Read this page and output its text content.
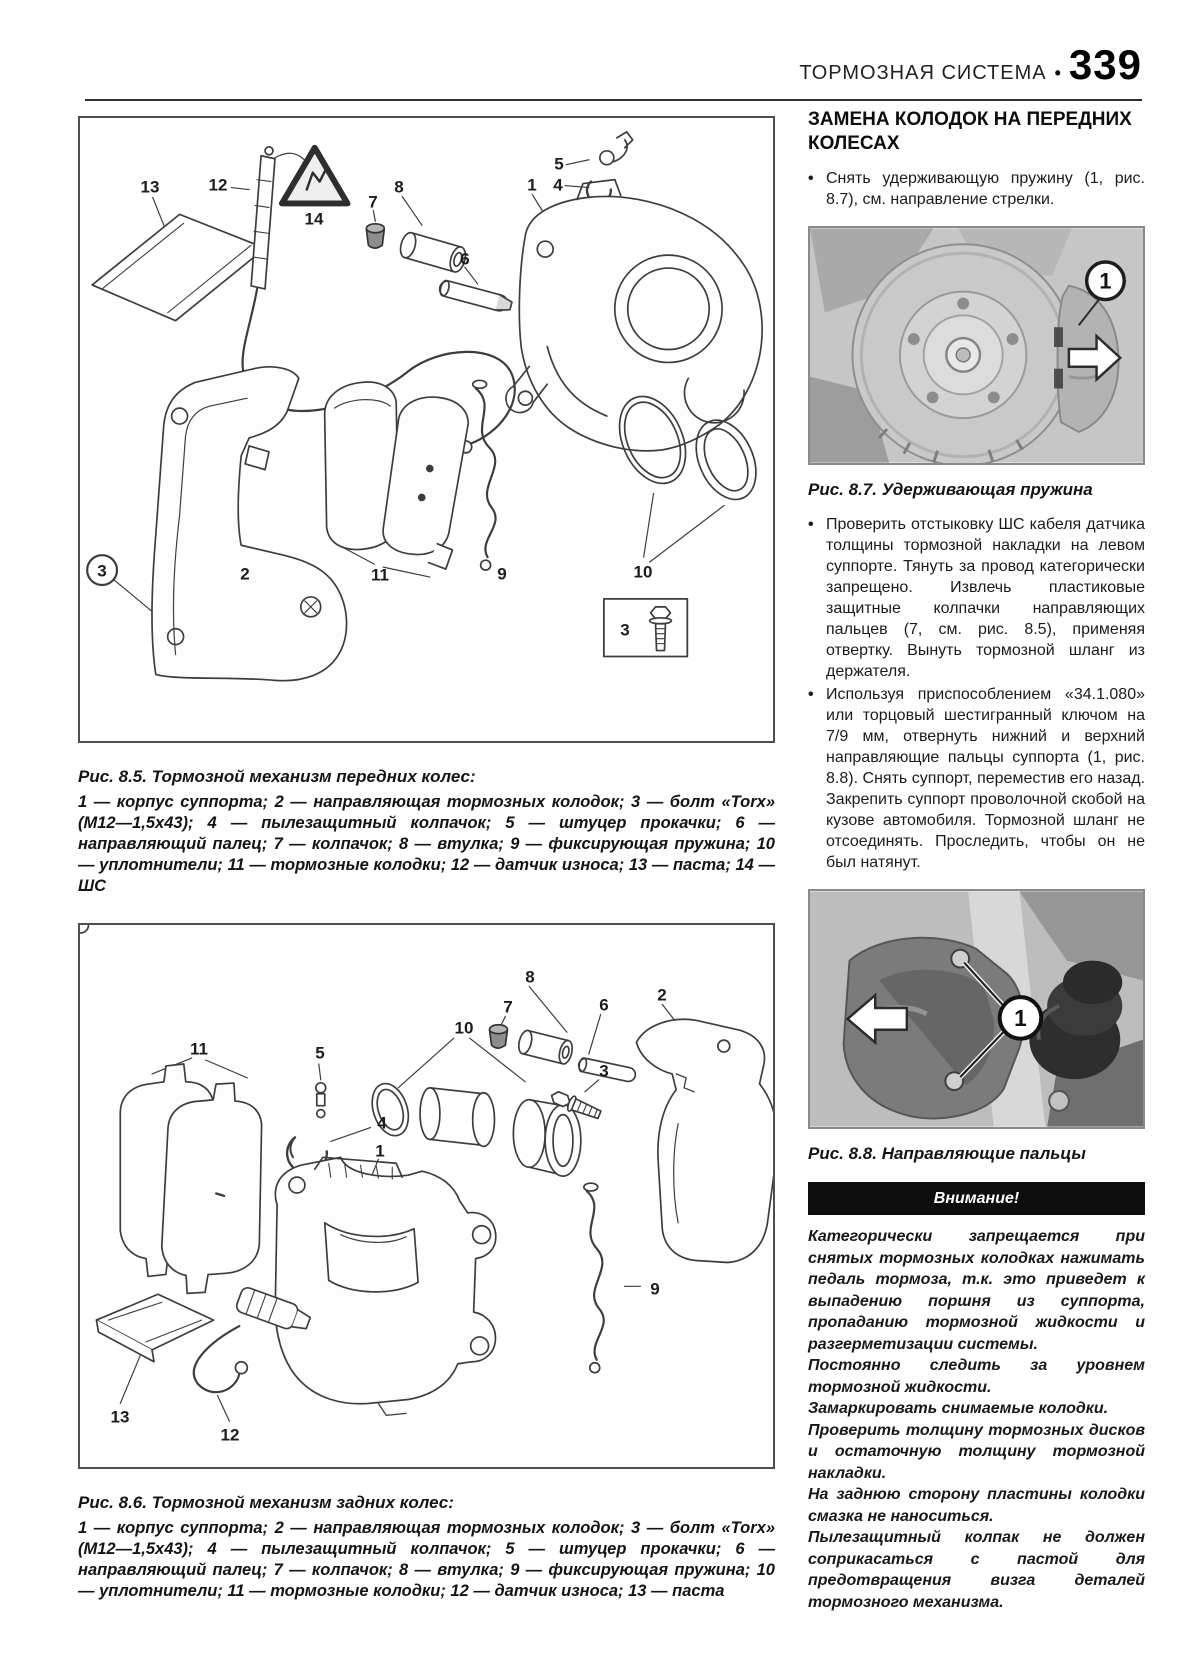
ТОРМОЗНАЯ СИСТЕМА • 339
13	12
14
7
8
5
4
1
6
3	2	11	9	10
3
Рис. 8.5. Тормозной механизм передних колес:
1 — корпус суппорта; 2 — направляющая тормозных колодок; 3 — болт «Torx» (М12—1,5х43); 4 — пылезащитный колпачок; 5 — штуцер прокачки; 6 — направляющий палец; 7 — колпачок; 8 — втулка; 9 — фиксирующая пружина; 10 — уплотнители; 11 — тормозные колодки; 12 — датчик износа; 13 — паста; 14 — ШС
11	5
4
10
7
8
6
2
3
1
9
13
12
Рис. 8.6. Тормозной механизм задних колес:
1 — корпус суппорта; 2 — направляющая тормозных колодок; 3 — болт «Torx» (М12—1,5х43); 4 — пылезащитный колпачок; 5 — штуцер прокачки; 6 — направляющий палец; 7 — колпачок; 8 — втулка; 9 — фиксирующая пружина; 10 — уплотнители; 11 — тормозные колодки; 12 — датчик износа; 13 — паста
ЗАМЕНА КОЛОДОК НА ПЕРЕДНИХ КОЛЕСАХ
• Снять удерживающую пружину (1, рис. 8.7), см. направление стрелки.

1
Рис. 8.7. Удерживающая пружина
• Проверить отстыковку ШС кабеля датчика толщины тормозной накладки на левом суппорте. Тянуть за провод категорически запрещено. Извлечь пластиковые защитные колпачки направляющих пальцев (7, см. рис. 8.5), применяя отвертку. Вынуть тормозной шланг из держателя.

• Используя приспособлением «34.1.080» или торцовый шестигранный ключом на 7/9 мм, отвернуть нижний и верхний направляющие пальцы суппорта (1, рис. 8.8). Снять суппорт, переместив его назад. Закрепить суппорт проволочной скобой на кузове автомобиля. Тормозной шланг не отсоединять. Проследить, чтобы он не был натянут.

1
Рис. 8.8. Направляющие пальцы
Внимание!

Категорически запрещается при снятых тормозных колодках нажимать педаль тормоза, т.к. это приведет к выпадению поршня из суппорта, пропаданию тормозной жидкости и разгерметизации системы.

Постоянно следить за уровнем тормозной жидкости.

Замаркировать снимаемые колодки.

Проверить толщину тормозных дисков и остаточную толщину тормозной накладки.

На заднюю сторону пластины колодки смазка не наноситься.

Пылезащитный колпак не должен соприкасаться с пастой для предотвращения визга деталей тормозного механизма.
